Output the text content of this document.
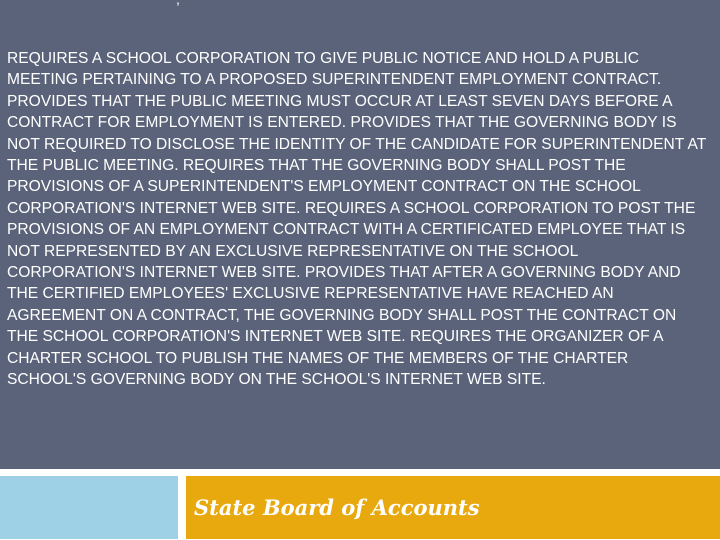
REQUIRES A SCHOOL CORPORATION TO GIVE PUBLIC NOTICE AND HOLD A PUBLIC MEETING PERTAINING TO A PROPOSED SUPERINTENDENT EMPLOYMENT CONTRACT. PROVIDES THAT THE PUBLIC MEETING MUST OCCUR AT LEAST SEVEN DAYS BEFORE A CONTRACT FOR EMPLOYMENT IS ENTERED. PROVIDES THAT THE GOVERNING BODY IS NOT REQUIRED TO DISCLOSE THE IDENTITY OF THE CANDIDATE FOR SUPERINTENDENT AT THE PUBLIC MEETING. REQUIRES THAT THE GOVERNING BODY SHALL POST THE PROVISIONS OF A SUPERINTENDENT'S EMPLOYMENT CONTRACT ON THE SCHOOL CORPORATION'S INTERNET WEB SITE. REQUIRES A SCHOOL CORPORATION TO POST THE PROVISIONS OF AN EMPLOYMENT CONTRACT WITH A CERTIFICATED EMPLOYEE THAT IS NOT REPRESENTED BY AN EXCLUSIVE REPRESENTATIVE ON THE SCHOOL CORPORATION'S INTERNET WEB SITE. PROVIDES THAT AFTER A GOVERNING BODY AND THE CERTIFIED EMPLOYEES' EXCLUSIVE REPRESENTATIVE HAVE REACHED AN AGREEMENT ON A CONTRACT, THE GOVERNING BODY SHALL POST THE CONTRACT ON THE SCHOOL CORPORATION'S INTERNET WEB SITE. REQUIRES THE ORGANIZER OF A CHARTER SCHOOL TO PUBLISH THE NAMES OF THE MEMBERS OF THE CHARTER SCHOOL'S GOVERNING BODY ON THE SCHOOL'S INTERNET WEB SITE.

State Board of Accounts
